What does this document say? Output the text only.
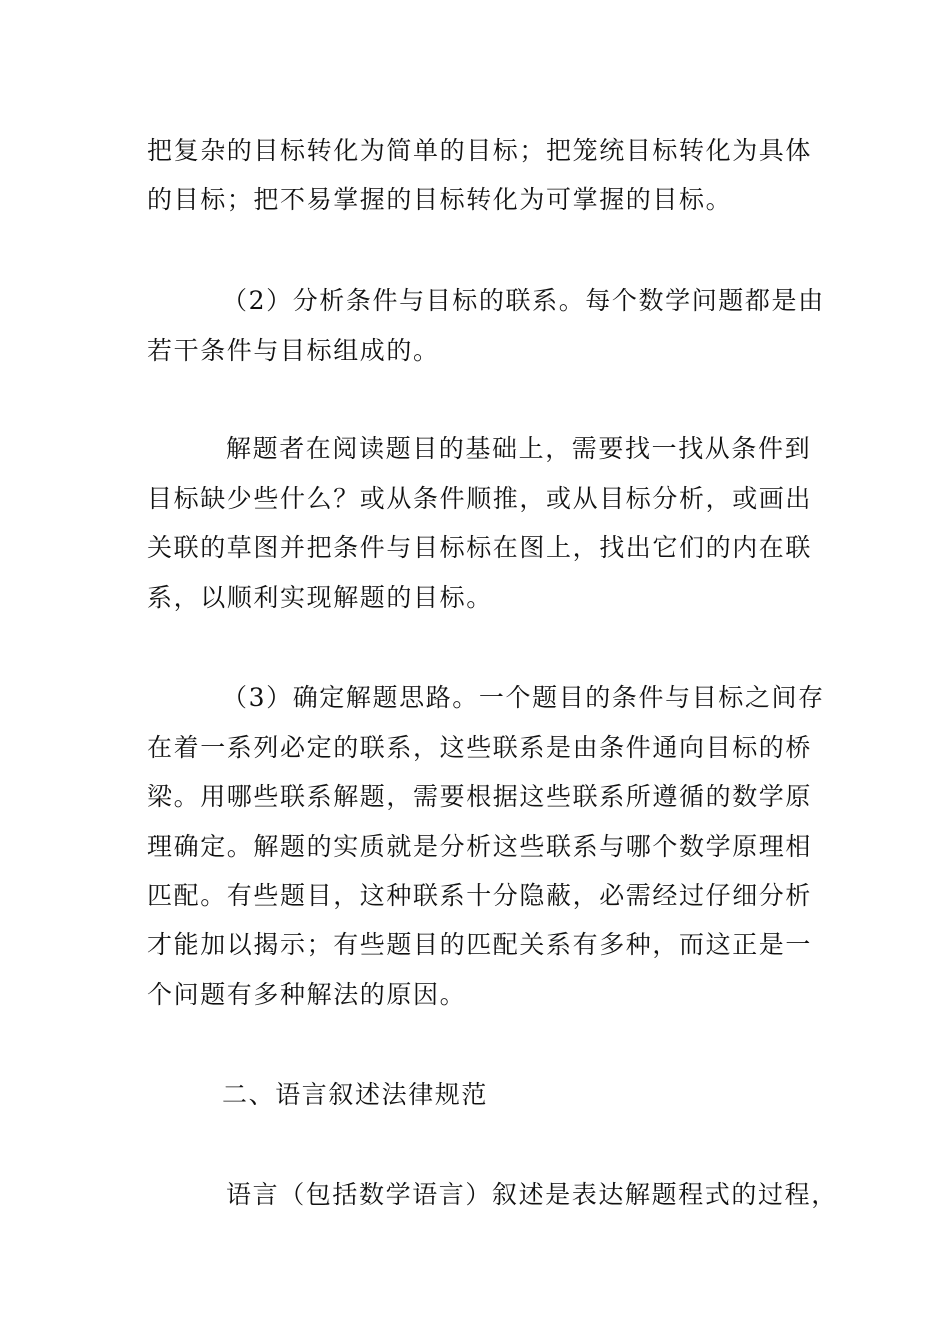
把复杂的目标转化为简单的目标；把笼统目标转化为具体
的目标；把不易掌握的目标转化为可掌握的目标。
（2）分析条件与目标的联系。每个数学问题都是由
若干条件与目标组成的。
解题者在阅读题目的基础上，需要找一找从条件到
目标缺少些什么？或从条件顺推，或从目标分析，或画出
关联的草图并把条件与目标标在图上，找出它们的内在联
系，以顺利实现解题的目标。
（3）确定解题思路。一个题目的条件与目标之间存
在着一系列必定的联系，这些联系是由条件通向目标的桥
梁。用哪些联系解题，需要根据这些联系所遵循的数学原
理确定。解题的实质就是分析这些联系与哪个数学原理相
匹配。有些题目，这种联系十分隐蔽，必需经过仔细分析
才能加以揭示；有些题目的匹配关系有多种，而这正是一
个问题有多种解法的原因。
二、语言叙述法律规范
语言（包括数学语言）叙述是表达解题程式的过程，
